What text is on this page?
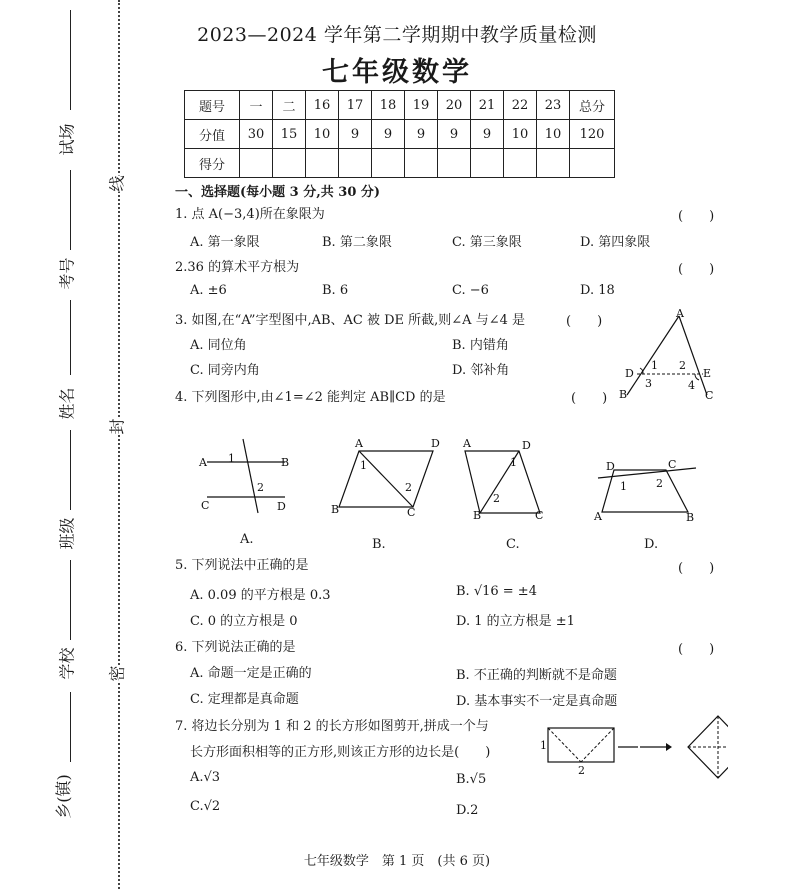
试场
考号
姓名
班级
学校
乡(镇)
线
封
密
2023—2024 学年第二学期期中教学质量检测
七年级数学
题号	一	二	16	17	18	19	20	21	22	23	总分
分值	30	15	10	9	9	9	9	9	10	10	120
得分											
一、选择题(每小题 3 分,共 30 分)
1. 点 A(−3,4)所在象限为	(　　)
A. 第一象限	B. 第二象限	C. 第三象限	D. 第四象限
2.36 的算术平方根为	(　　)
A. ±6	B. 6	C. −6	D. 18
3. 如图,在“A”字型图中,AB、AC 被 DE 所截,则∠A 与∠4 是	(　　)
A. 同位角	B. 内错角
C. 同旁内角	D. 邻补角
A
D	E
B	C
1 2
3	4
4. 下列图形中,由∠1=∠2 能判定 AB∥CD 的是	(　　)
A	B
C	D
1
2
A.
A	D
B	C
1
2
B.
A	D
B	C
1
2
C.
D	C
A	B
1	2
D.
5. 下列说法中正确的是	(　　)
A. 0.09 的平方根是 0.3	B. √16 = ±4
C. 0 的立方根是 0	D. 1 的立方根是 ±1
6. 下列说法正确的是	(　　)
A. 命题一定是正确的	B. 不正确的判断就不是命题
C. 定理都是真命题	D. 基本事实不一定是真命题
7. 将边长分别为 1 和 2 的长方形如图剪开,拼成一个与
长方形面积相等的正方形,则该正方形的边长是(　　)
A.√3	B.√5
C.√2	D.2
1
2
七年级数学　第 1 页　(共 6 页)
